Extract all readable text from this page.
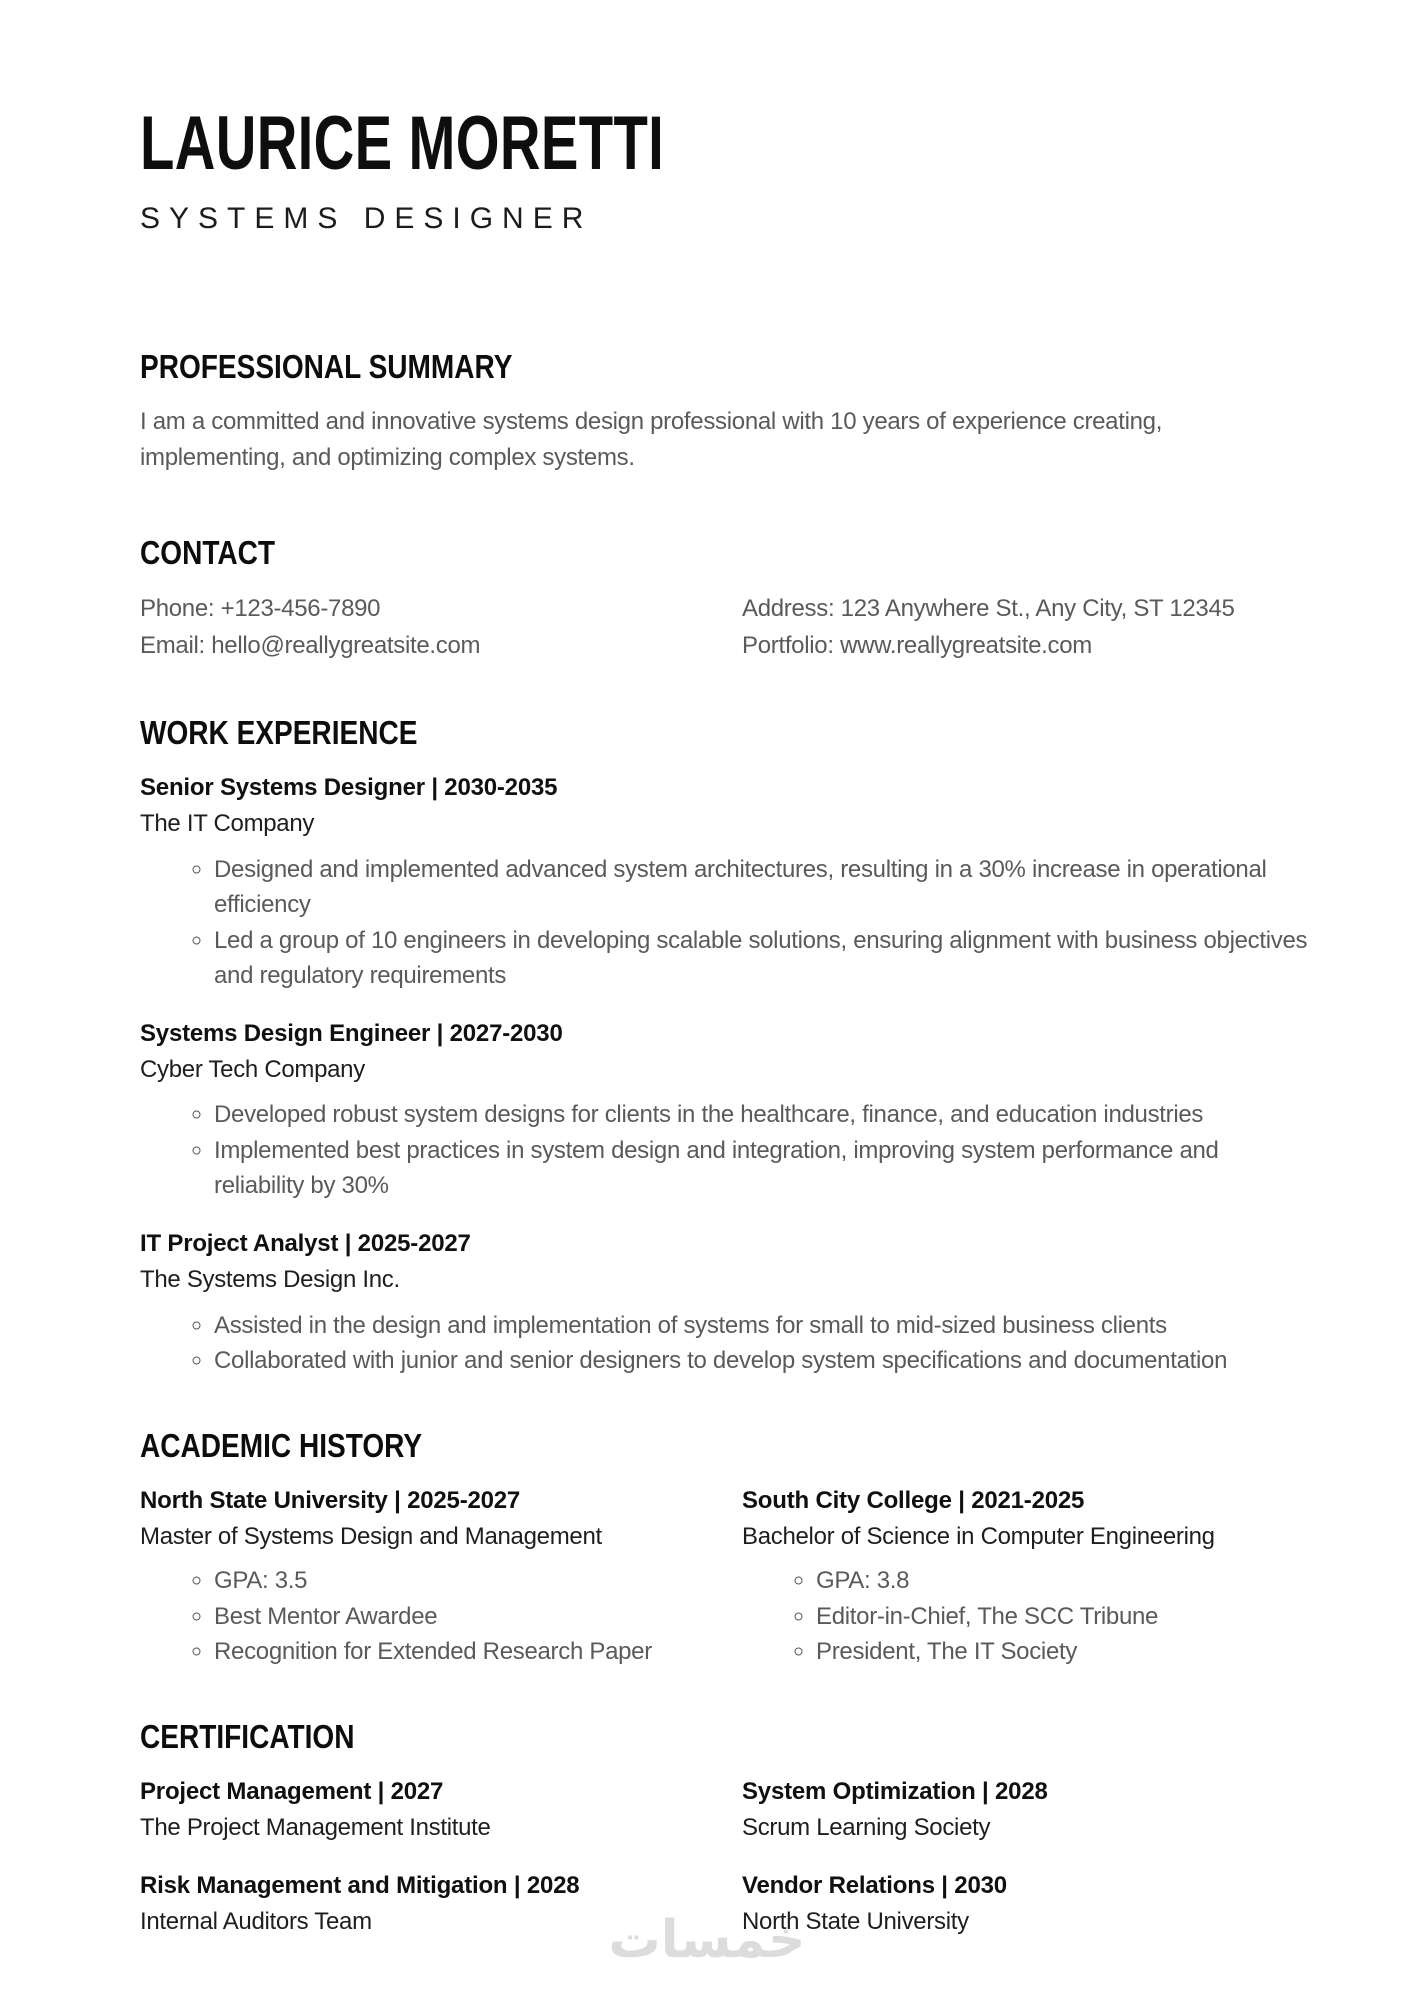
LAURICE MORETTI
SYSTEMS DESIGNER
PROFESSIONAL SUMMARY
I am a committed and innovative systems design professional with 10 years of experience creating,
implementing, and optimizing complex systems.
CONTACT
Phone: +123-456-7890
Email: hello@reallygreatsite.com
Address: 123 Anywhere St., Any City, ST 12345
Portfolio: www.reallygreatsite.com
WORK EXPERIENCE
Senior Systems Designer | 2030-2035
The IT Company
◦ Designed and implemented advanced system architectures, resulting in a 30% increase in operational efficiency
◦ Led a group of 10 engineers in developing scalable solutions, ensuring alignment with business objectives and regulatory requirements
Systems Design Engineer | 2027-2030
Cyber Tech Company
◦ Developed robust system designs for clients in the healthcare, finance, and education industries
◦ Implemented best practices in system design and integration, improving system performance and reliability by 30%
IT Project Analyst | 2025-2027
The Systems Design Inc.
◦ Assisted in the design and implementation of systems for small to mid-sized business clients
◦ Collaborated with junior and senior designers to develop system specifications and documentation
ACADEMIC HISTORY
North State University | 2025-2027
Master of Systems Design and Management
◦ GPA: 3.5
◦ Best Mentor Awardee
◦ Recognition for Extended Research Paper
South City College | 2021-2025
Bachelor of Science in Computer Engineering
◦ GPA: 3.8
◦ Editor-in-Chief, The SCC Tribune
◦ President, The IT Society
CERTIFICATION
Project Management | 2027
The Project Management Institute
System Optimization | 2028
Scrum Learning Society
Risk Management and Mitigation | 2028
Internal Auditors Team
Vendor Relations | 2030
North State University
خمسات
